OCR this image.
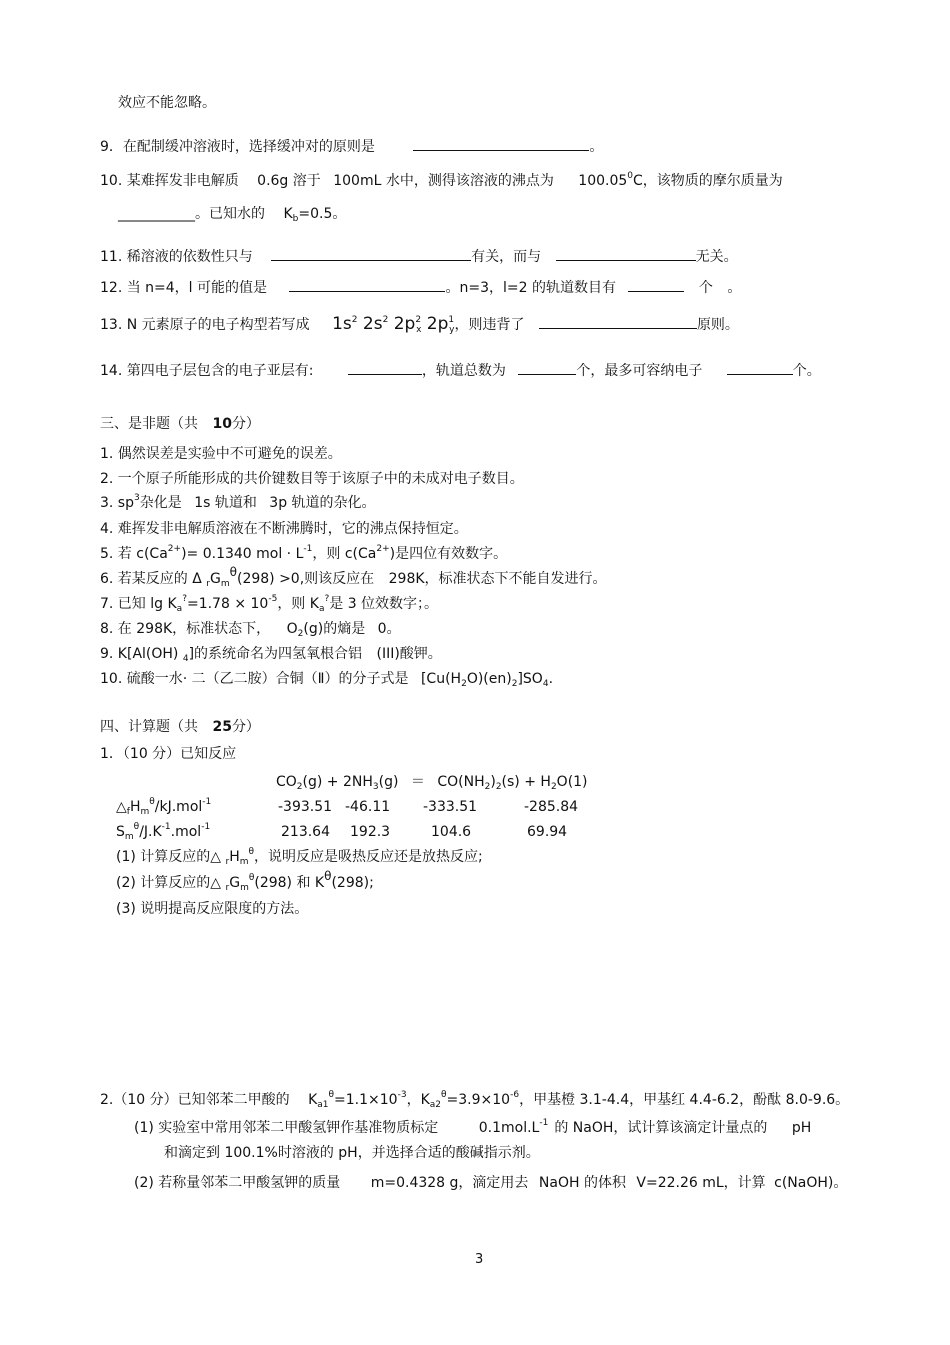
效应不能忽略。
9．在配制缓冲溶液时，选择缓冲对的原则是	。
10. 某难挥发非电解质 0.6g 溶于 100mL 水中，测得该溶液的沸点为 100.05$^0$C，该物质的摩尔质量为
___________。已知水的 $K_b=0.5$。
11. 稀溶液的依数性只与	有关，而与	无关。
12. 当 n=4，l 可能的值是	。n=3，l=2 的轨道数目有	个 。
13. N 元素原子的电子构型若写成 $1s^2$ $2s^2$ $2p^2_x$ $2p^1_y$，则违背了	原则。
14. 第四电子层包含的电子亚层有:	，轨道总数为	个，最多可容纳电子	个。
三、是非题（共 10分）
1. 偶然误差是实验中不可避免的误差。
2. 一个原子所能形成的共价键数目等于该原子中的未成对电子数目。
3. $sp^3$杂化是 1s 轨道和 3p 轨道的杂化。
4. 难挥发非电解质溶液在不断沸腾时，它的沸点保持恒定。
5. 若 $c(Ca^{2+})= 0.1340$ mol · $L^{-1}$，则 $c(Ca^{2+})$是四位有效数字。
6. 若某反应的 Δ $_rG_m^\theta(298) >0$,则该反应在 298K，标准状态下不能自发进行。
7. 已知 $\lg K_a^?=1.78 \times 10^{-5}$，则 $K_a^?$是 3 位效数字；。
8. 在 298K，标准状态下， $O_2(g)$的熵是 0。
9. K[Al(OH) $_4$]的系统命名为四氢氧根合铝 (III)酸钾。
10. 硫酸一水· 二（乙二胺）合铜（Ⅱ）的分子式是 $[Cu(H_2O)(en)_2]SO_4$.
四、计算题（共 25分）
1．（10 分）已知反应
$CO_2(g) + 2NH_3(g) = CO(NH_2)_2(s) + H_2O(1)$
$\triangle_fH_m^\theta/kJ.mol^{-1}$	-393.51 -46.11 -333.51	-285.84
$S_m^\theta/J.K^{-1}.mol^{-1}$	213.64 192.3	104.6	69.94
(1) 计算反应的△ $_rH_m^\theta$，说明反应是吸热反应还是放热反应;
(2) 计算反应的△ $_rG_m^\theta(298)$ 和 $K^\theta(298)$;
(3) 说明提高反应限度的方法。
2.（10 分）已知邻苯二甲酸的 $K_{a1}^\theta=1.1\times 10^{-3}$，$K_{a2}^\theta=3.9\times 10^{-6}$，甲基橙 3.1-4.4，甲基红 4.4-6.2，酚酞 8.0-9.6。
(1) 实验室中常用邻苯二甲酸氢钾作基准物质标定	$0.1mol.L^{-1}$ 的 NaOH，试计算该滴定计量点的 pH
和滴定到 100.1%时溶液的 pH，并选择合适的酸碱指示剂。
(2) 若称量邻苯二甲酸氢钾的质量 m=0.4328 g，滴定用去 NaOH 的体积 V=22.26 mL，计算 c(NaOH)。
3
